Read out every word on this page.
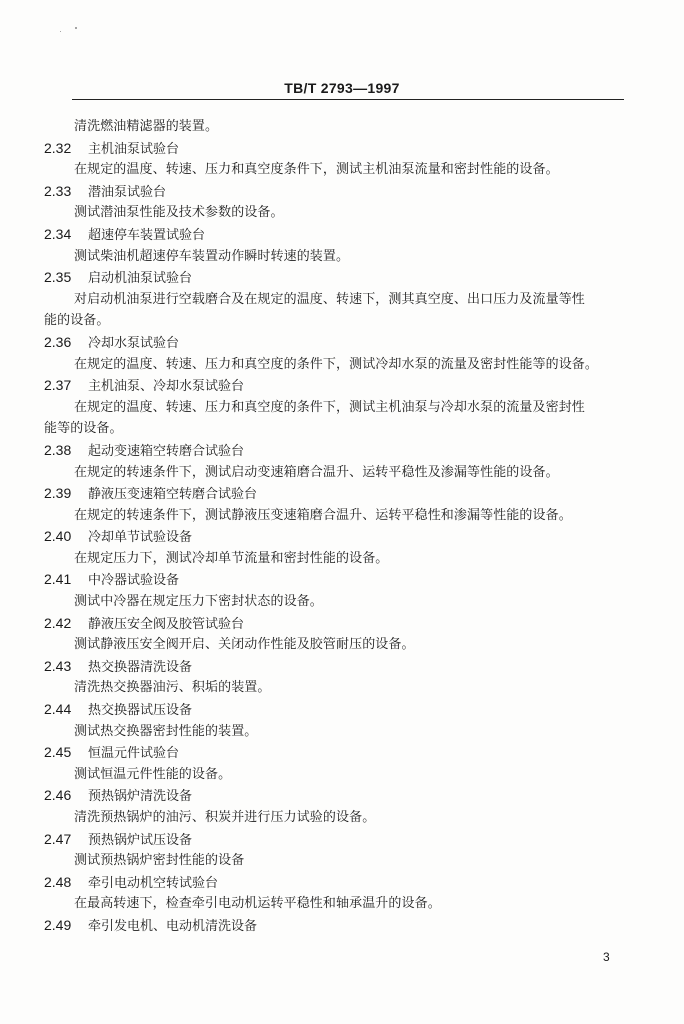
TB/T 2793—1997
清洗燃油精滤器的装置。
2.32 主机油泵试验台
在规定的温度、转速、压力和真空度条件下，测试主机油泵流量和密封性能的设备。
2.33 潜油泵试验台
测试潜油泵性能及技术参数的设备。
2.34 超速停车装置试验台
测试柴油机超速停车装置动作瞬时转速的装置。
2.35 启动机油泵试验台
对启动机油泵进行空载磨合及在规定的温度、转速下，测其真空度、出口压力及流量等性
能的设备。
2.36 冷却水泵试验台
在规定的温度、转速、压力和真空度的条件下，测试冷却水泵的流量及密封性能等的设备。
2.37 主机油泵、冷却水泵试验台
在规定的温度、转速、压力和真空度的条件下，测试主机油泵与冷却水泵的流量及密封性
能等的设备。
2.38 起动变速箱空转磨合试验台
在规定的转速条件下，测试启动变速箱磨合温升、运转平稳性及渗漏等性能的设备。
2.39 静液压变速箱空转磨合试验台
在规定的转速条件下，测试静液压变速箱磨合温升、运转平稳性和渗漏等性能的设备。
2.40 冷却单节试验设备
在规定压力下，测试冷却单节流量和密封性能的设备。
2.41 中冷器试验设备
测试中冷器在规定压力下密封状态的设备。
2.42 静液压安全阀及胶管试验台
测试静液压安全阀开启、关闭动作性能及胶管耐压的设备。
2.43 热交换器清洗设备
清洗热交换器油污、积垢的装置。
2.44 热交换器试压设备
测试热交换器密封性能的装置。
2.45 恒温元件试验台
测试恒温元件性能的设备。
2.46 预热锅炉清洗设备
清洗预热锅炉的油污、积炭并进行压力试验的设备。
2.47 预热锅炉试压设备
测试预热锅炉密封性能的设备
2.48 牵引电动机空转试验台
在最高转速下，检查牵引电动机运转平稳性和轴承温升的设备。
2.49 牵引发电机、电动机清洗设备
3
